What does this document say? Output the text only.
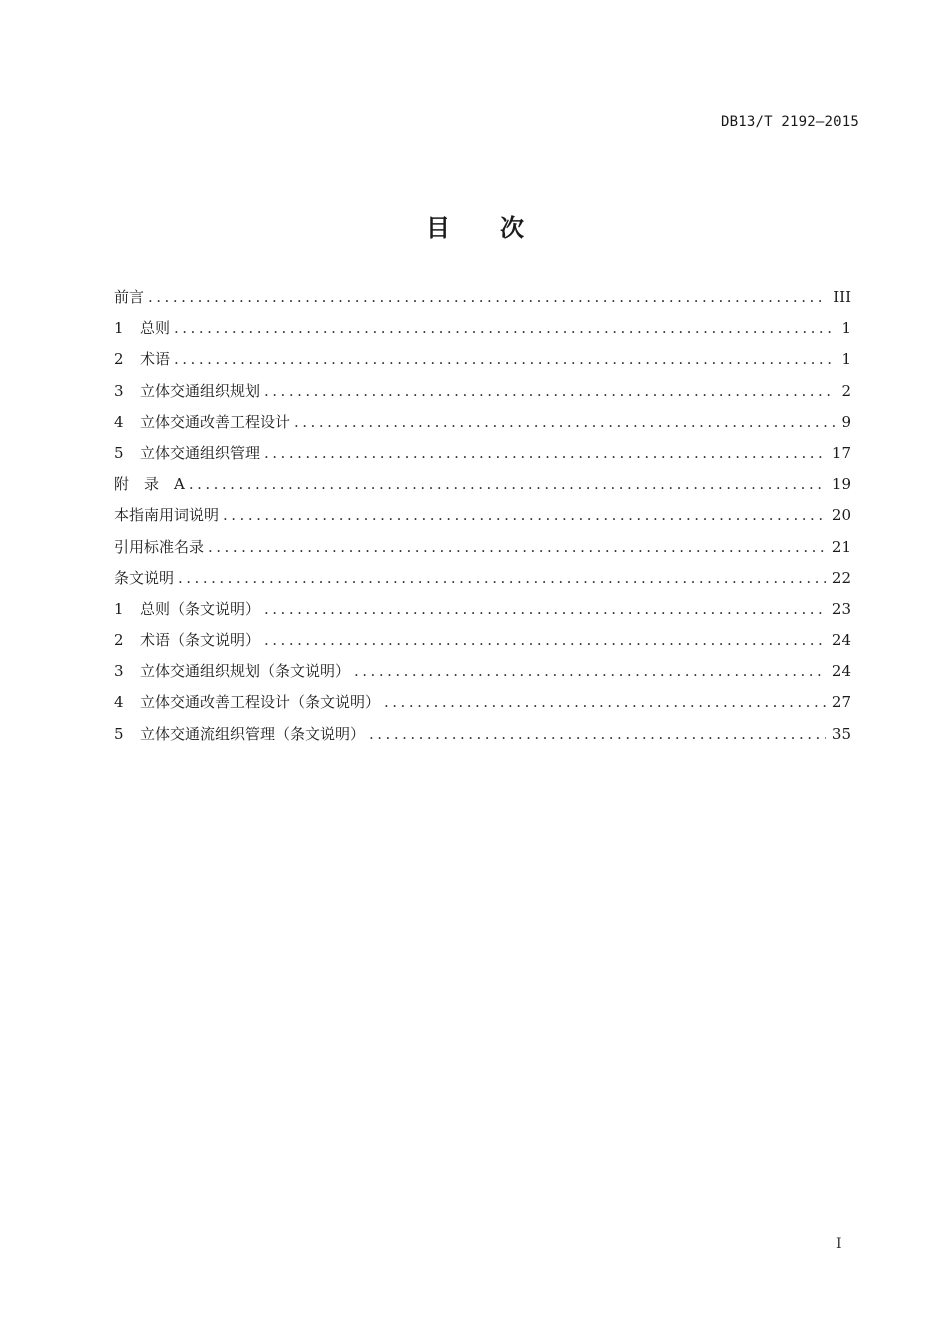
DB13/T 2192—2015
目次
前言 .....	III
1	总则 .....	1
2	术语 .....	1
3	立体交通组织规划 .....	2
4	立体交通改善工程设计 .....	9
5	立体交通组织管理 .....	17
附　录　A .....	19
本指南用词说明 .....	20
引用标准名录 .....	21
条文说明 .....	22
1	总则（条文说明） .....	23
2	术语（条文说明） .....	24
3	立体交通组织规划（条文说明） .....	24
4	立体交通改善工程设计（条文说明） .....	27
5	立体交通流组织管理（条文说明） .....	35
I
